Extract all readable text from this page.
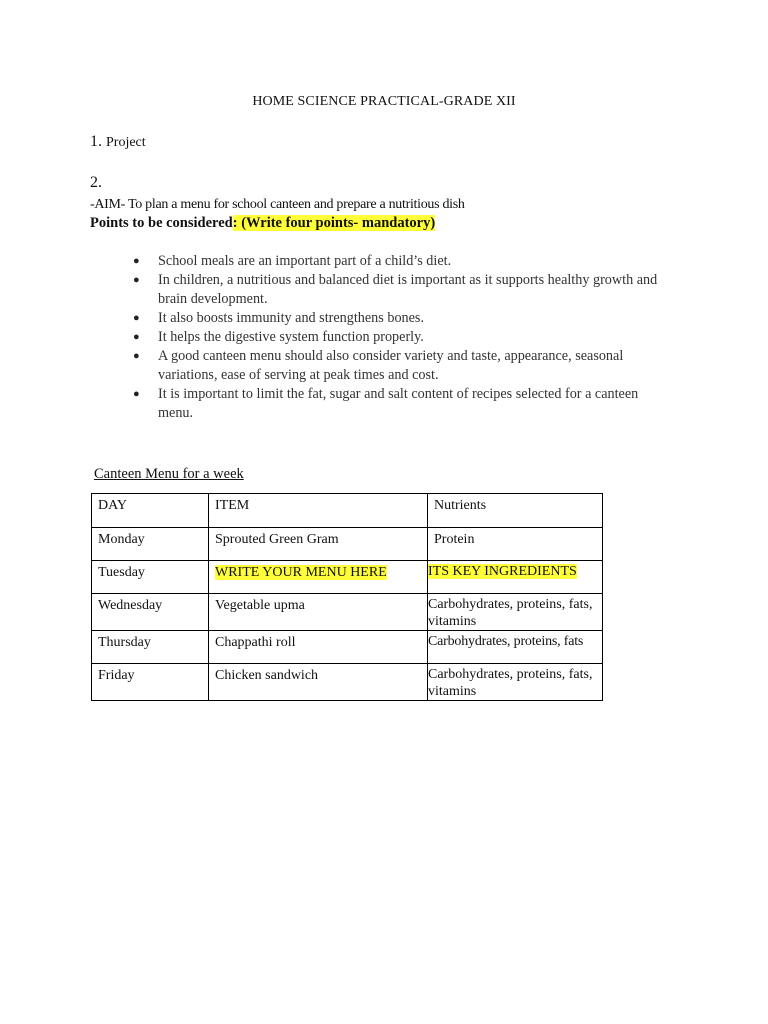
HOME SCIENCE PRACTICAL-GRADE XII
1. Project
2.
-AIM- To plan a menu for school canteen and prepare a nutritious dish
Points to be considered: (Write four points- mandatory)
● School meals are an important part of a child’s diet.
● In children, a nutritious and balanced diet is important as it supports healthy growth and brain development.
● It also boosts immunity and strengthens bones.
● It helps the digestive system function properly.
● A good canteen menu should also consider variety and taste, appearance, seasonal variations, ease of serving at peak times and cost.
● It is important to limit the fat, sugar and salt content of recipes selected for a canteen menu.
Canteen Menu for a week
DAY	ITEM	Nutrients

Monday	Sprouted Green Gram	Protein

Tuesday	WRITE YOUR MENU HERE	ITS KEY INGREDIENTS

Wednesday	Vegetable upma	Carbohydrates, proteins, fats, vitamins

Thursday	Chappathi roll	Carbohydrates, proteins, fats

Friday	Chicken sandwich	Carbohydrates, proteins, fats, vitamins
